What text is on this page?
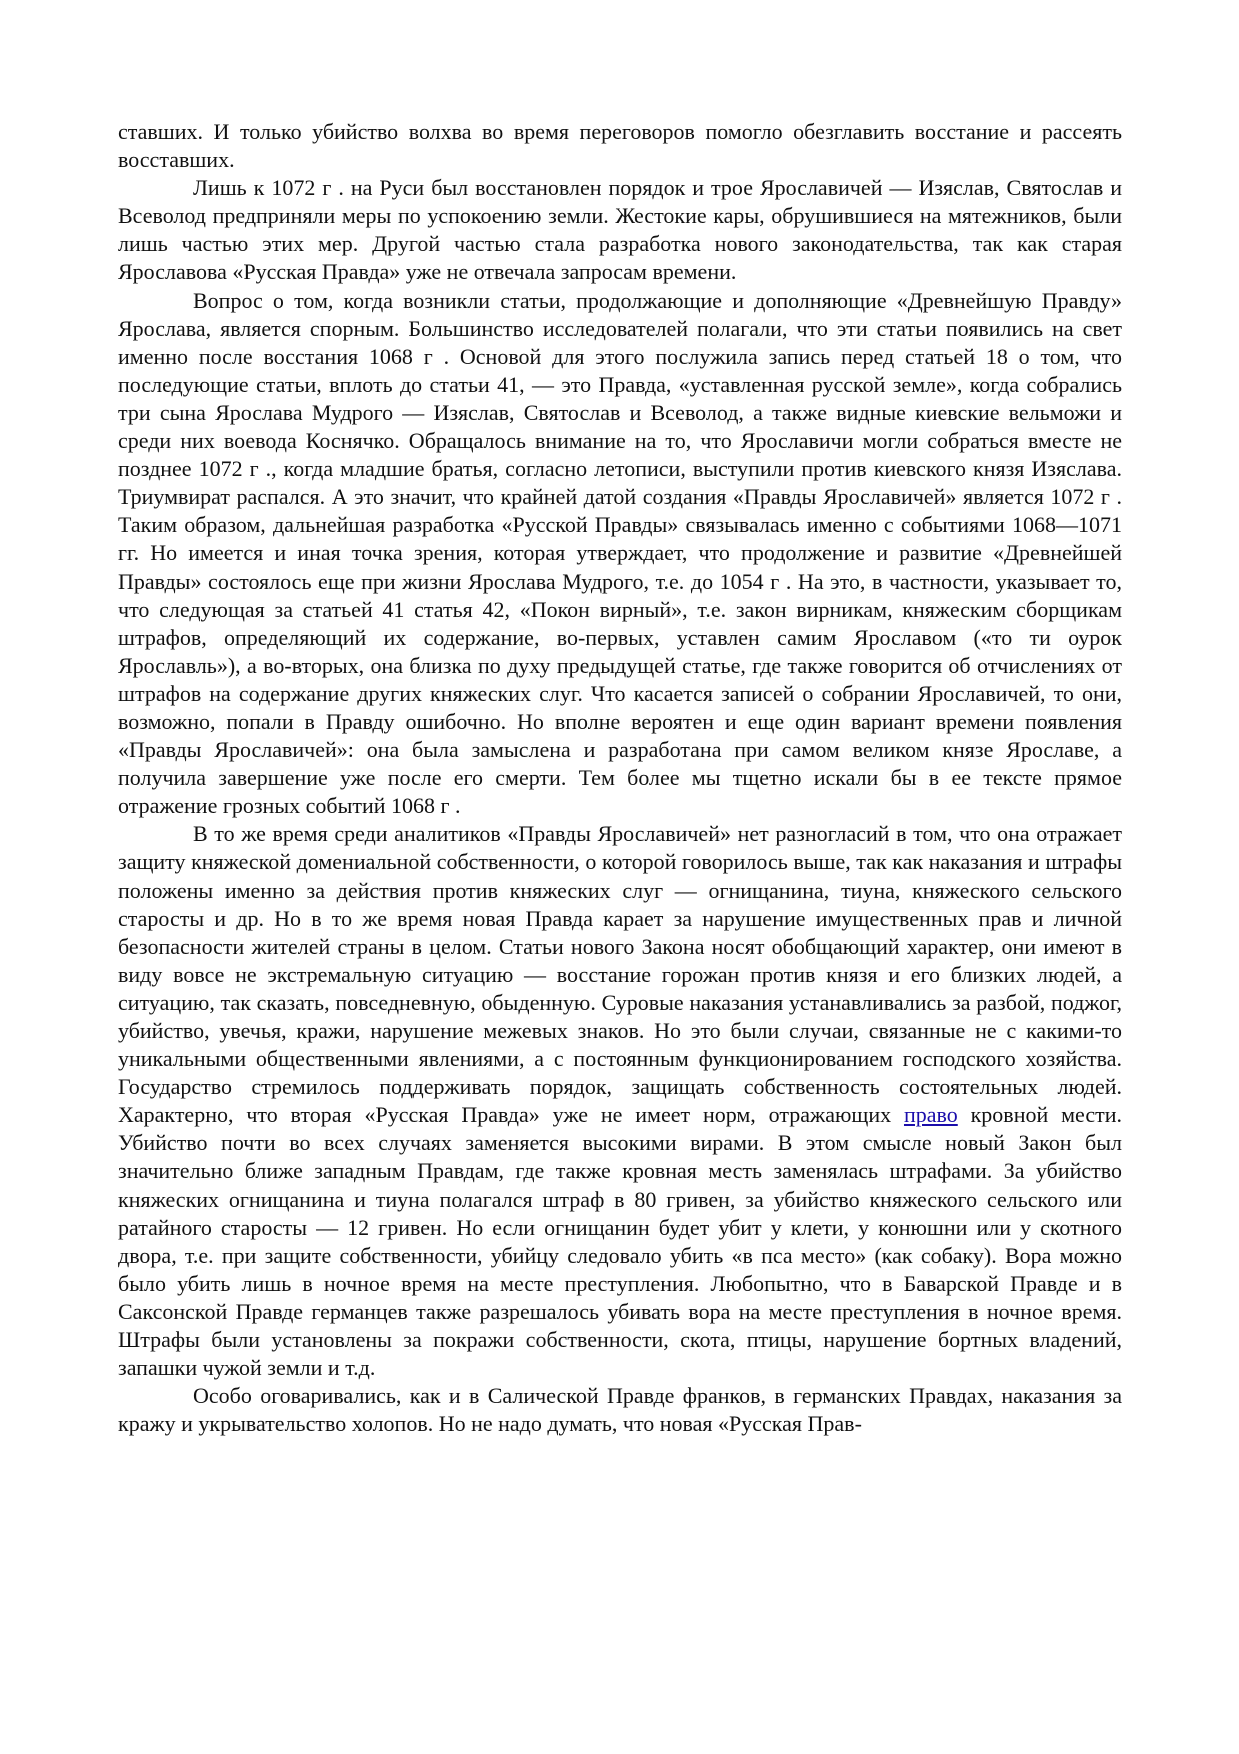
ставших. И только убийство волхва во время переговоров помогло обезглавить восстание и рассеять восставших.

Лишь к 1072 г . на Руси был восстановлен порядок и трое Ярославичей — Изяслав, Святослав и Всеволод предприняли меры по успокоению земли. Жестокие кары, обрушившиеся на мятежников, были лишь частью этих мер. Другой частью стала разработка нового законодательства, так как старая Ярославова «Русская Правда» уже не отвечала запросам времени.

Вопрос о том, когда возникли статьи, продолжающие и дополняющие «Древнейшую Правду» Ярослава, является спорным. Большинство исследователей полагали, что эти статьи появились на свет именно после восстания 1068 г . Основой для этого послужила запись перед статьей 18 о том, что последующие статьи, вплоть до статьи 41, — это Правда, «уставленная русской земле», когда собрались три сына Ярослава Мудрого — Изяслав, Святослав и Всеволод, а также видные киевские вельможи и среди них воевода Коснячко. Обращалось внимание на то, что Ярославичи могли собраться вместе не позднее 1072 г ., когда младшие братья, согласно летописи, выступили против киевского князя Изяслава. Триумвират распался. А это значит, что крайней датой создания «Правды Ярославичей» является 1072 г . Таким образом, дальнейшая разработка «Русской Правды» связывалась именно с событиями 1068—1071 гг. Но имеется и иная точка зрения, которая утверждает, что продолжение и развитие «Древнейшей Правды» состоялось еще при жизни Ярослава Мудрого, т.е. до 1054 г . На это, в частности, указывает то, что следующая за статьей 41 статья 42, «Покон вирный», т.е. закон вирникам, княжеским сборщикам штрафов, определяющий их содержание, во-первых, уставлен самим Ярославом («то ти оурок Ярославль»), а во-вторых, она близка по духу предыдущей статье, где также говорится об отчислениях от штрафов на содержание других княжеских слуг. Что касается записей о собрании Ярославичей, то они, возможно, попали в Правду ошибочно. Но вполне вероятен и еще один вариант времени появления «Правды Ярославичей»: она была замыслена и разработана при самом великом князе Ярославе, а получила завершение уже после его смерти. Тем более мы тщетно искали бы в ее тексте прямое отражение грозных событий 1068 г .

В то же время среди аналитиков «Правды Ярославичей» нет разногласий в том, что она отражает защиту княжеской домениальной собственности, о которой говорилось выше, так как наказания и штрафы положены именно за действия против княжеских слуг — огнищанина, тиуна, княжеского сельского старосты и др. Но в то же время новая Правда карает за нарушение имущественных прав и личной безопасности жителей страны в целом. Статьи нового Закона носят обобщающий характер, они имеют в виду вовсе не экстремальную ситуацию — восстание горожан против князя и его близких людей, а ситуацию, так сказать, повседневную, обыденную. Суровые наказания устанавливались за разбой, поджог, убийство, увечья, кражи, нарушение межевых знаков. Но это были случаи, связанные не с какими-то уникальными общественными явлениями, а с постоянным функционированием господского хозяйства. Государство стремилось поддерживать порядок, защищать собственность состоятельных людей. Характерно, что вторая «Русская Правда» уже не имеет норм, отражающих право кровной мести. Убийство почти во всех случаях заменяется высокими вирами. В этом смысле новый Закон был значительно ближе западным Правдам, где также кровная месть заменялась штрафами. За убийство княжеских огнищанина и тиуна полагался штраф в 80 гривен, за убийство княжеского сельского или ратайного старосты — 12 гривен. Но если огнищанин будет убит у клети, у конюшни или у скотного двора, т.е. при защите собственности, убийцу следовало убить «в пса место» (как собаку). Вора можно было убить лишь в ночное время на месте преступления. Любопытно, что в Баварской Правде и в Саксонской Правде германцев также разрешалось убивать вора на месте преступления в ночное время. Штрафы были установлены за покражи собственности, скота, птицы, нарушение бортных владений, запашки чужой земли и т.д.

Особо оговаривались, как и в Салической Правде франков, в германских Правдах, наказания за кражу и укрывательство холопов. Но не надо думать, что новая «Русская Прав-
